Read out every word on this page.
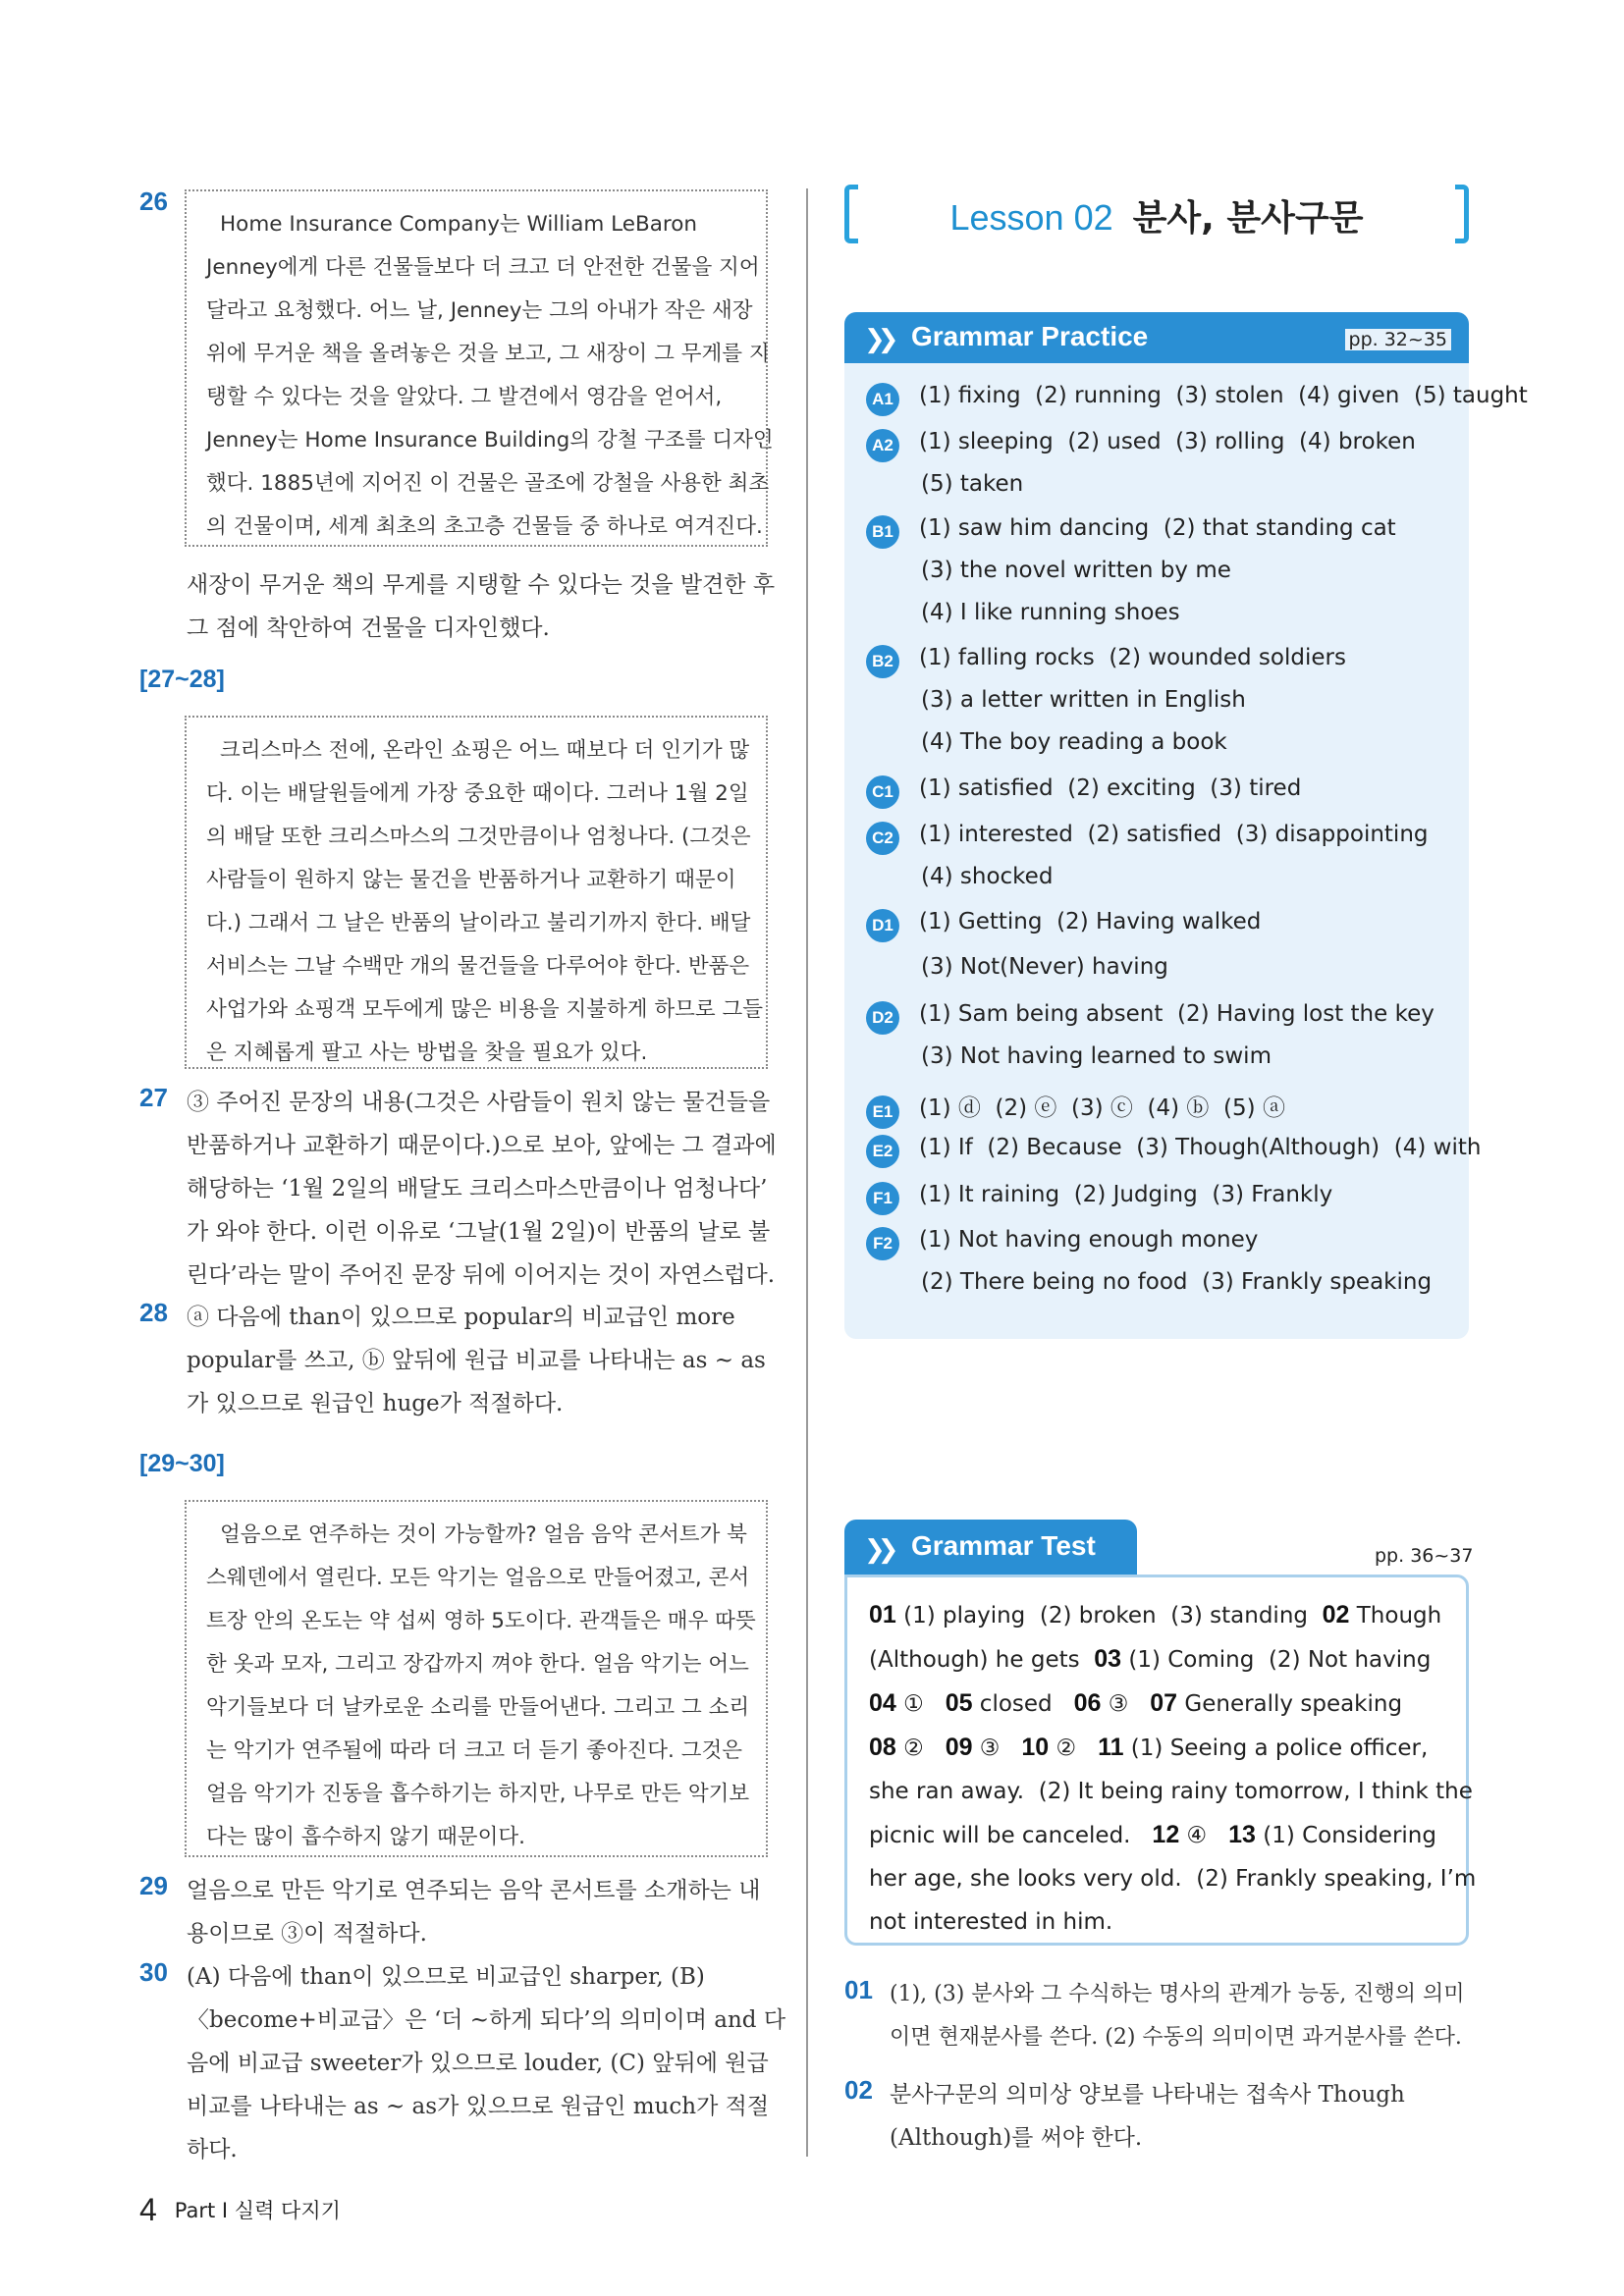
26
Home Insurance Company는 William LeBaron
Jenney에게 다른 건물들보다 더 크고 더 안전한 건물을 지어
달라고 요청했다. 어느 날, Jenney는 그의 아내가 작은 새장
위에 무거운 책을 올려놓은 것을 보고, 그 새장이 그 무게를 지
탱할 수 있다는 것을 알았다. 그 발견에서 영감을 얻어서,
Jenney는 Home Insurance Building의 강철 구조를 디자인
했다. 1885년에 지어진 이 건물은 골조에 강철을 사용한 최초
의 건물이며, 세계 최초의 초고층 건물들 중 하나로 여겨진다.
새장이 무거운 책의 무게를 지탱할 수 있다는 것을 발견한 후
그 점에 착안하여 건물을 디자인했다.
[27~28]
크리스마스 전에, 온라인 쇼핑은 어느 때보다 더 인기가 많
다. 이는 배달원들에게 가장 중요한 때이다. 그러나 1월 2일
의 배달 또한 크리스마스의 그것만큼이나 엄청나다. (그것은
사람들이 원하지 않는 물건을 반품하거나 교환하기 때문이
다.) 그래서 그 날은 반품의 날이라고 불리기까지 한다. 배달
서비스는 그날 수백만 개의 물건들을 다루어야 한다. 반품은
사업가와 쇼핑객 모두에게 많은 비용을 지불하게 하므로 그들
은 지혜롭게 팔고 사는 방법을 찾을 필요가 있다.
27 ③ 주어진 문장의 내용(그것은 사람들이 원치 않는 물건들을
반품하거나 교환하기 때문이다.)으로 보아, 앞에는 그 결과에
해당하는 ‘1월 2일의 배달도 크리스마스만큼이나 엄청나다’
가 와야 한다. 이런 이유로 ‘그날(1월 2일)이 반품의 날로 불
린다’라는 말이 주어진 문장 뒤에 이어지는 것이 자연스럽다.
28 ⓐ 다음에 than이 있으므로 popular의 비교급인 more
popular를 쓰고, ⓑ 앞뒤에 원급 비교를 나타내는 as ~ as
가 있으므로 원급인 huge가 적절하다.
[29~30]
얼음으로 연주하는 것이 가능할까? 얼음 음악 콘서트가 북
스웨덴에서 열린다. 모든 악기는 얼음으로 만들어졌고, 콘서
트장 안의 온도는 약 섭씨 영하 5도이다. 관객들은 매우 따뜻
한 옷과 모자, 그리고 장갑까지 껴야 한다. 얼음 악기는 어느
악기들보다 더 날카로운 소리를 만들어낸다. 그리고 그 소리
는 악기가 연주될에 따라 더 크고 더 듣기 좋아진다. 그것은
얼음 악기가 진동을 흡수하기는 하지만, 나무로 만든 악기보
다는 많이 흡수하지 않기 때문이다.
29 얼음으로 만든 악기로 연주되는 음악 콘서트를 소개하는 내
용이므로 ③이 적절하다.
30 (A) 다음에 than이 있으므로 비교급인 sharper, (B)
〈become+비교급〉은 ‘더 ~하게 되다’의 의미이며 and 다
음에 비교급 sweeter가 있으므로 louder, (C) 앞뒤에 원급
비교를 나타내는 as ~ as가 있으므로 원급인 much가 적절
하다.
4 Part I 실력 다지기
Lesson 02 분사, 분사구문
❯❯ Grammar Practice	pp. 32~35
A1 (1) fixing  (2) running  (3) stolen  (4) given  (5) taught
A2 (1) sleeping  (2) used  (3) rolling  (4) broken
(5) taken
B1 (1) saw him dancing  (2) that standing cat
(3) the novel written by me
(4) I like running shoes
B2 (1) falling rocks  (2) wounded soldiers
(3) a letter written in English
(4) The boy reading a book
C1 (1) satisfied  (2) exciting  (3) tired
C2 (1) interested  (2) satisfied  (3) disappointing
(4) shocked
D1 (1) Getting  (2) Having walked
(3) Not(Never) having
D2 (1) Sam being absent  (2) Having lost the key
(3) Not having learned to swim
E1 (1) ⓓ  (2) ⓔ  (3) ⓒ  (4) ⓑ  (5) ⓐ
E2 (1) If  (2) Because  (3) Though(Although)  (4) with
F1 (1) It raining  (2) Judging  (3) Frankly
F2 (1) Not having enough money
(2) There being no food  (3) Frankly speaking
❯❯ Grammar Test	pp. 36~37
01 (1) playing  (2) broken  (3) standing  02 Though
(Although) he gets  03 (1) Coming  (2) Not having
04 ①   05 closed   06 ③   07 Generally speaking
08 ②   09 ③   10 ②   11 (1) Seeing a police officer,
she ran away.  (2) It being rainy tomorrow, I think the
picnic will be canceled.   12 ④   13 (1) Considering
her age, she looks very old.  (2) Frankly speaking, I’m
not interested in him.
01 (1), (3) 분사와 그 수식하는 명사의 관계가 능동, 진행의 의미
이면 현재분사를 쓴다. (2) 수동의 의미이면 과거분사를 쓴다.
02 분사구문의 의미상 양보를 나타내는 접속사 Though
(Although)를 써야 한다.
